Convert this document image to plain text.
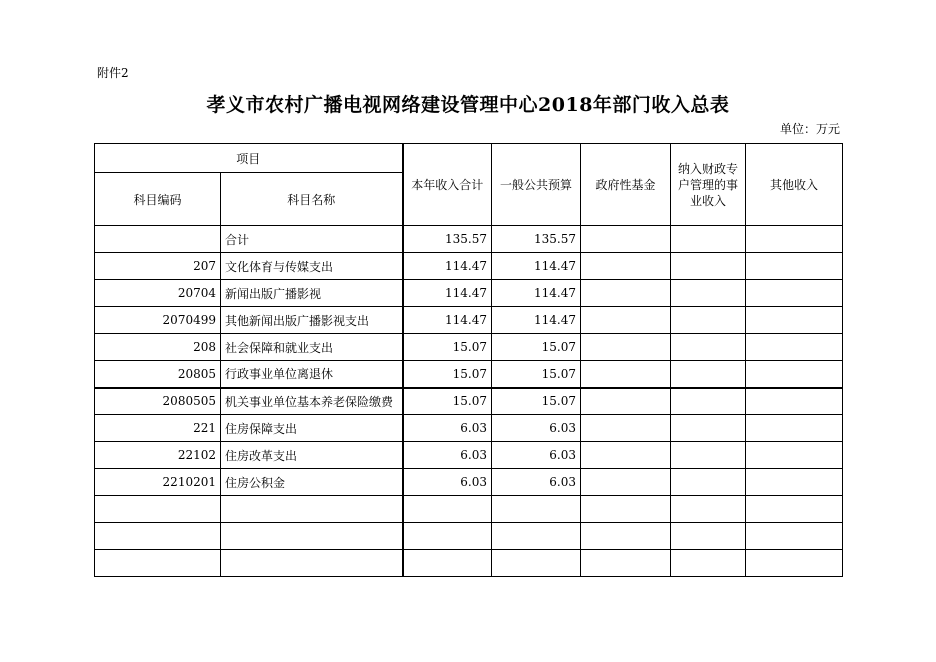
附件2
孝义市农村广播电视网络建设管理中心2018年部门收入总表
单位：万元
项目		本年收入合计	一般公共预算	政府性基金	纳入财政专户管理的事业收入	其他收入
科目编码	科目名称					
	合计	135.57	135.57			
207	文化体育与传媒支出	114.47	114.47			
20704	新闻出版广播影视	114.47	114.47			
2070499	其他新闻出版广播影视支出	114.47	114.47			
208	社会保障和就业支出	15.07	15.07			
20805	行政事业单位离退休	15.07	15.07			
2080505	机关事业单位基本养老保险缴费	15.07	15.07			
221	住房保障支出	6.03	6.03			
22102	住房改革支出	6.03	6.03			
2210201	住房公积金	6.03	6.03			
